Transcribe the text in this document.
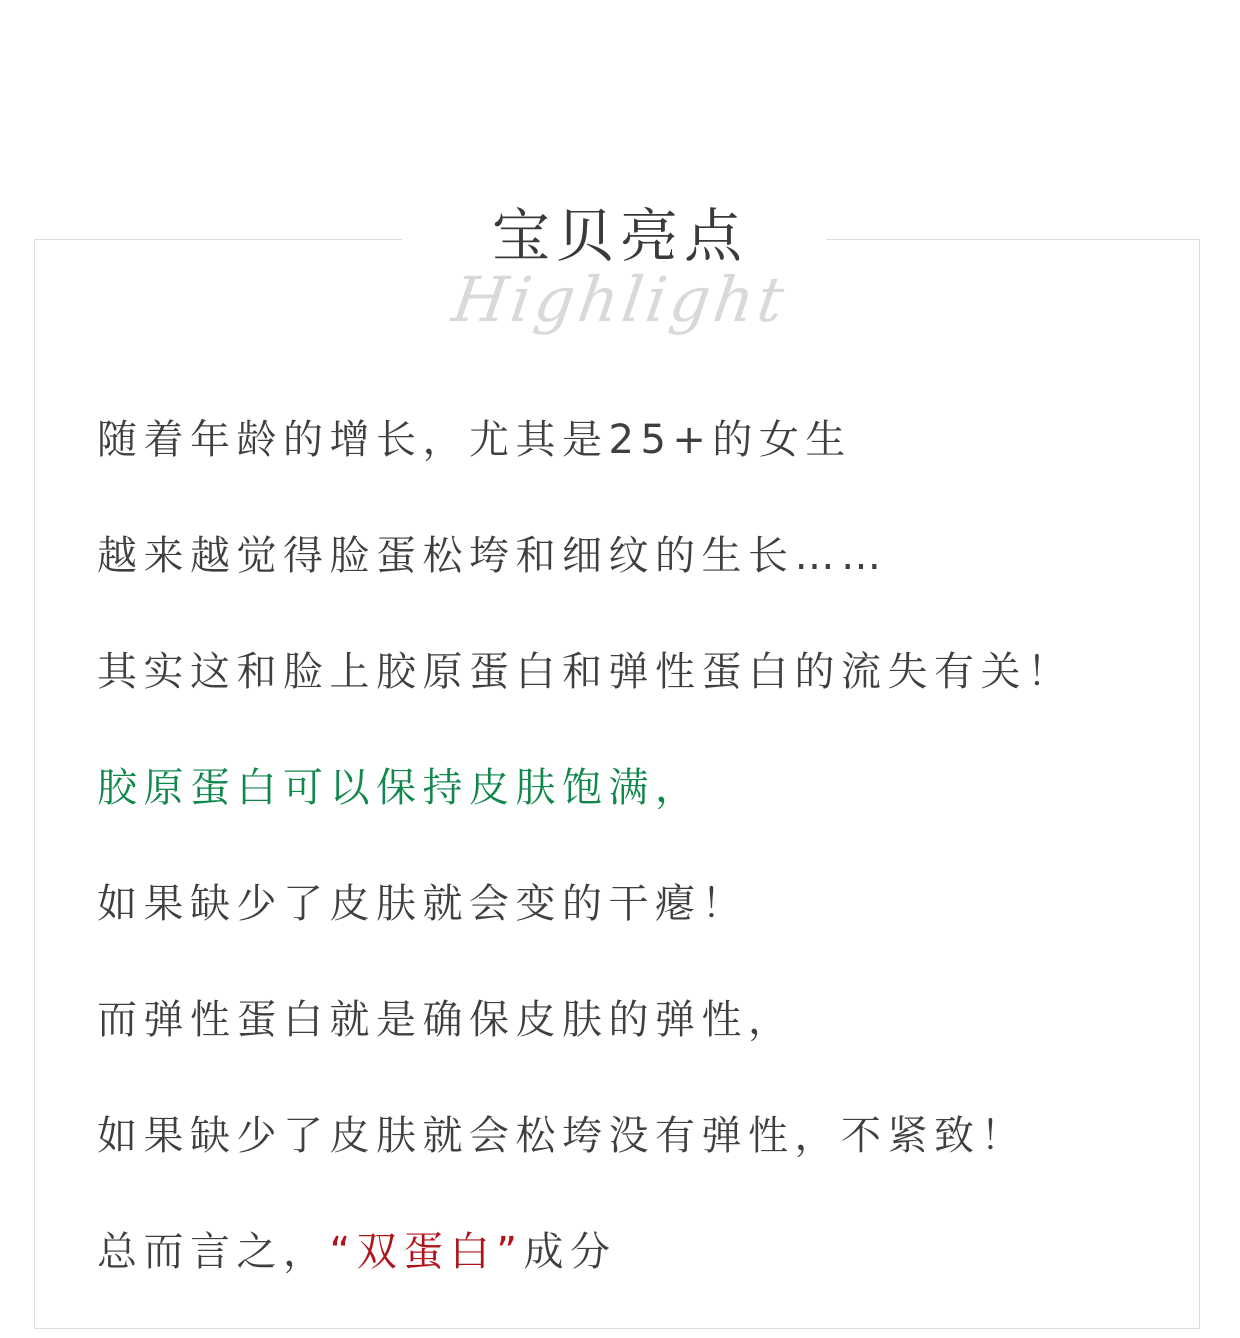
宝贝亮点
Highlight
随着年龄的增长，尤其是25+的女生
越来越觉得脸蛋松垮和细纹的生长……
其实这和脸上胶原蛋白和弹性蛋白的流失有关！
胶原蛋白可以保持皮肤饱满，
如果缺少了皮肤就会变的干瘪！
而弹性蛋白就是确保皮肤的弹性，
如果缺少了皮肤就会松垮没有弹性，不紧致！
总而言之，“双蛋白”成分
